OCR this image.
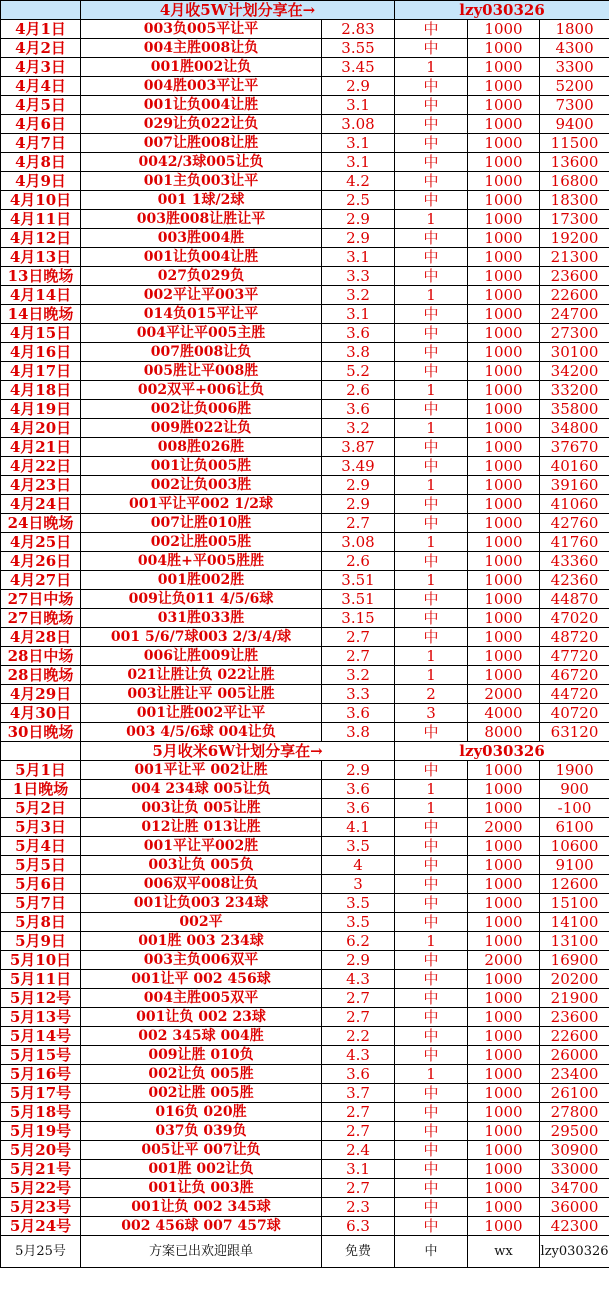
	4月收5W计划分享在→		lzy030326		
4月1日	003负005平让平	2.83	中	1000	1800
4月2日	004主胜008让负	3.55	中	1000	4300
4月3日	001胜002让负	3.45	1	1000	3300
4月4日	004胜003平让平	2.9	中	1000	5200
4月5日	001让负004让胜	3.1	中	1000	7300
4月6日	029让负022让负	3.08	中	1000	9400
4月7日	007让胜008让胜	3.1	中	1000	11500
4月8日	0042/3球005让负	3.1	中	1000	13600
4月9日	001主负003让平	4.2	中	1000	16800
4月10日	001 1球/2球	2.5	中	1000	18300
4月11日	003胜008让胜让平	2.9	1	1000	17300
4月12日	003胜004胜	2.9	中	1000	19200
4月13日	001让负004让胜	3.1	中	1000	21300
13日晚场	027负029负	3.3	中	1000	23600
4月14日	002平让平003平	3.2	1	1000	22600
14日晚场	014负015平让平	3.1	中	1000	24700
4月15日	004平让平005主胜	3.6	中	1000	27300
4月16日	007胜008让负	3.8	中	1000	30100
4月17日	005胜让平008胜	5.2	中	1000	34200
4月18日	002双平+006让负	2.6	1	1000	33200
4月19日	002让负006胜	3.6	中	1000	35800
4月20日	009胜022让负	3.2	1	1000	34800
4月21日	008胜026胜	3.87	中	1000	37670
4月22日	001让负005胜	3.49	中	1000	40160
4月23日	002让负003胜	2.9	1	1000	39160
4月24日	001平让平002 1/2球	2.9	中	1000	41060
24日晚场	007让胜010胜	2.7	中	1000	42760
4月25日	002让胜005胜	3.08	1	1000	41760
4月26日	004胜+平005胜胜	2.6	中	1000	43360
4月27日	001胜002胜	3.51	1	1000	42360
27日中场	009让负011 4/5/6球	3.51	中	1000	44870
27日晚场	031胜033胜	3.15	中	1000	47020
4月28日	001 5/6/7球003 2/3/4/球	2.7	中	1000	48720
28日中场	006让胜009让胜	2.7	1	1000	47720
28日晚场	021让胜让负 022让胜	3.2	1	1000	46720
4月29日	003让胜让平 005让胜	3.3	2	2000	44720
4月30日	001让胜002平让平	3.6	3	4000	40720
30日晚场	003 4/5/6球 004让负	3.8	中	8000	63120
	5月收米6W计划分享在→		lzy030326		
5月1日	001平让平 002让胜	2.9	中	1000	1900
1日晚场	004 234球 005让负	3.6	1	1000	900
5月2日	003让负 005让胜	3.6	1	1000	-100
5月3日	012让胜 013让胜	4.1	中	2000	6100
5月4日	001平让平002胜	3.5	中	1000	10600
5月5日	003让负 005负	4	中	1000	9100
5月6日	006双平008让负	3	中	1000	12600
5月7日	001让负003 234球	3.5	中	1000	15100
5月8日	002平	3.5	中	1000	14100
5月9日	001胜 003 234球	6.2	1	1000	13100
5月10日	003主负006双平	2.9	中	2000	16900
5月11日	001让平 002 456球	4.3	中	1000	20200
5月12号	004主胜005双平	2.7	中	1000	21900
5月13号	001让负 002 23球	2.7	中	1000	23600
5月14号	002 345球 004胜	2.2	中	1000	22600
5月15号	009让胜 010负	4.3	中	1000	26000
5月16号	002让负 005胜	3.6	1	1000	23400
5月17号	002让胜 005胜	3.7	中	1000	26100
5月18号	016负 020胜	2.7	中	1000	27800
5月19号	037负 039负	2.7	中	1000	29500
5月20号	005让平 007让负	2.4	中	1000	30900
5月21号	001胜 002让负	3.1	中	1000	33000
5月22号	001让负 003胜	2.7	中	1000	34700
5月23号	001让负 002 345球	2.3	中	1000	36000
5月24号	002 456球 007 457球	6.3	中	1000	42300
5月25号	方案已出欢迎跟单	免费	中	wx	lzy030326
